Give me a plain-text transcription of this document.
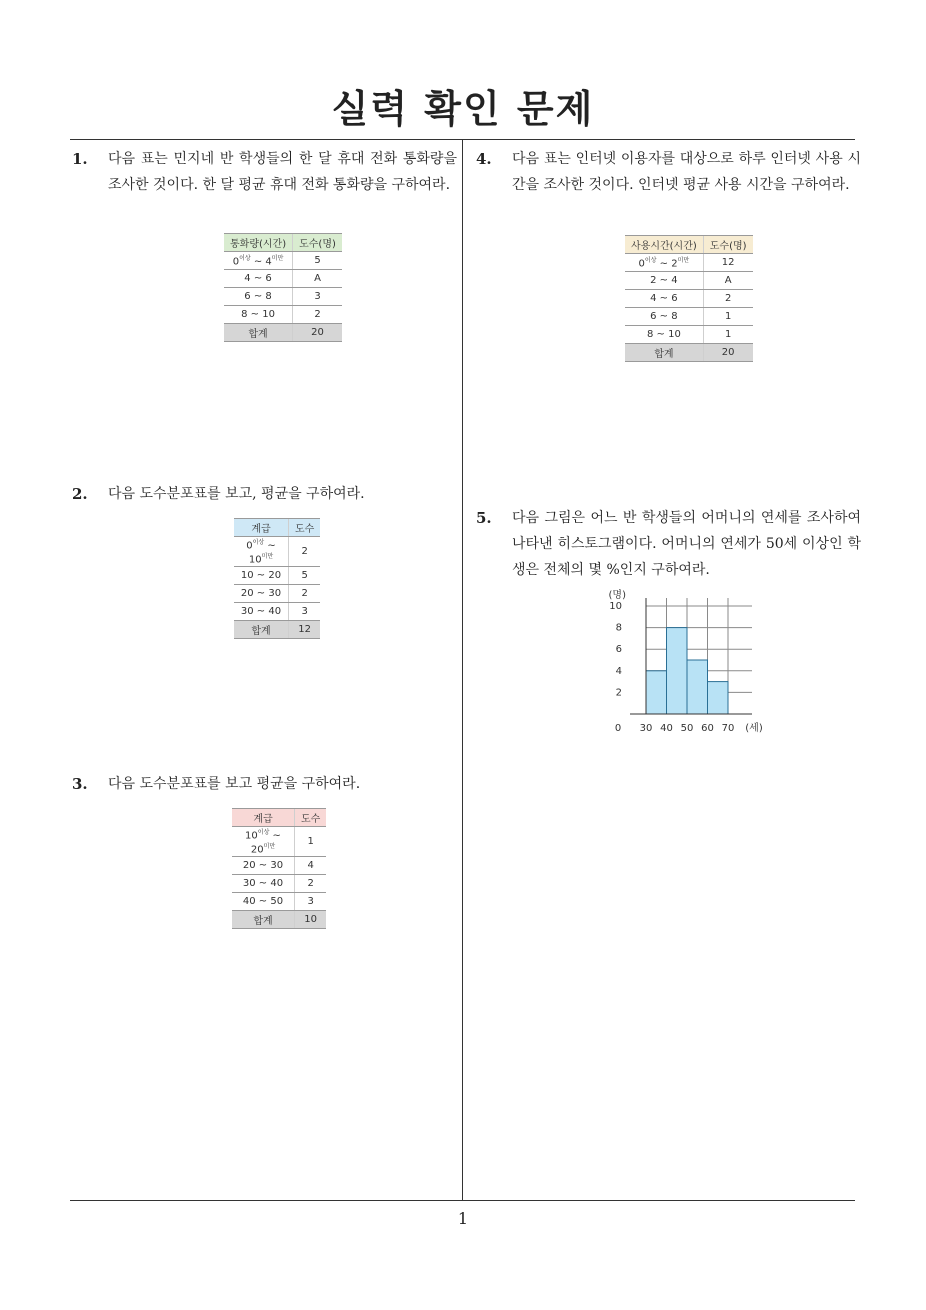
실력 확인 문제
1. 다음 표는 민지네 반 학생들의 한 달 휴대 전화 통화량을 조사한 것이다. 한 달 평균 휴대 전화 통화량을 구하여라.
통화량(시간)	도수(명)
$0^{이상}$ ~ $4^{미만}$	5
4 ~ 6	A
6 ~ 8	3
8 ~ 10	2
합계	20
2. 다음 도수분포표를 보고, 평균을 구하여라.
계급	도수
$0^{이상}$ ~ $10^{미만}$	2
10 ~ 20	5
20 ~ 30	2
30 ~ 40	3
합계	12
3. 다음 도수분포표를 보고 평균을 구하여라.
계급	도수
$10^{이상}$ ~ $20^{미만}$	1
20 ~ 30	4
30 ~ 40	2
40 ~ 50	3
합계	10
4. 다음 표는 인터넷 이용자를 대상으로 하루 인터넷 사용 시간을 조사한 것이다. 인터넷 평균 사용 시간을 구하여라.
사용시간(시간)	도수(명)
$0^{이상}$ ~ $2^{미만}$	12
2 ~ 4	A
4 ~ 6	2
6 ~ 8	1
8 ~ 10	1
합계	20
5. 다음 그림은 어느 반 학생들의 어머니의 연세를 조사하여 나타낸 히스토그램이다. 어머니의 연세가 50세 이상인 학생은 전체의 몇 %인지 구하여라.
2
4
6
8
10
(명)
0 30 40 50 60 70 (세)
1
